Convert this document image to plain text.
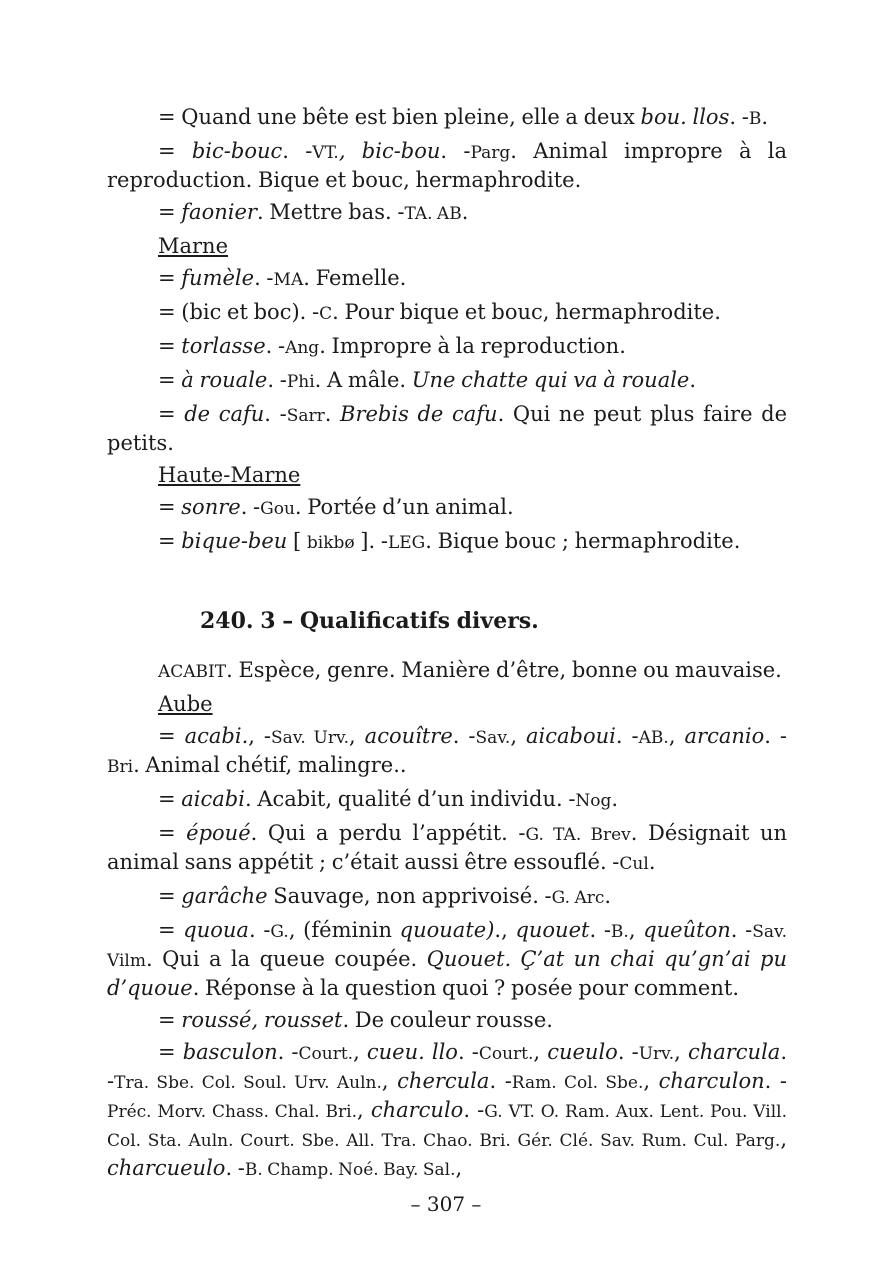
= Quand une bête est bien pleine, elle a deux bou. llos. -B.

= bic-bouc. -VT., bic-bou. -Parg. Animal impropre à la reproduction. Bique et bouc, hermaphrodite.

= faonier. Mettre bas. -TA. AB.

Marne

= fumèle. -MA. Femelle.

= (bic et boc). -C. Pour bique et bouc, hermaphrodite.

= torlasse. -Ang. Impropre à la reproduction.

= à rouale. -Phi. A mâle. Une chatte qui va à rouale.

= de cafu. -Sarr. Brebis de cafu. Qui ne peut plus faire de petits.

Haute-Marne

= sonre. -Gou. Portée d’un animal.

= bique-beu [ bikbø ]. -LEG. Bique bouc ; hermaphrodite.

240. 3 – Qualificatifs divers.

ACABIT. Espèce, genre. Manière d’être, bonne ou mauvaise.

Aube

= acabi., -Sav. Urv., acouître. -Sav., aicaboui. -AB., arcanio. -Bri. Animal chétif, malingre..

= aicabi. Acabit, qualité d’un individu. -Nog.

= époué. Qui a perdu l’appétit. -G. TA. Brev. Désignait un animal sans appétit ; c’était aussi être essouflé. -Cul.

= garâche Sauvage, non apprivoisé. -G. Arc.

= quoua. -G., (féminin quouate)., quouet. -B., queûton. -Sav. Vilm. Qui a la queue coupée. Quouet. Ç’at un chai qu’gn’ai pu d’quoue. Réponse à la question quoi ? posée pour comment.

= roussé, rousset. De couleur rousse.

= basculon. -Court., cueu. llo. -Court., cueulo. -Urv., charcula. -Tra. Sbe. Col. Soul. Urv. Auln., chercula. -Ram. Col. Sbe., charculon. -Préc. Morv. Chass. Chal. Bri., charculo. -G. VT. O. Ram. Aux. Lent. Pou. Vill. Col. Sta. Auln. Court. Sbe. All. Tra. Chao. Bri. Gér. Clé. Sav. Rum. Cul. Parg., charcueulo. -B. Champ. Noé. Bay. Sal.,

– 307 –
